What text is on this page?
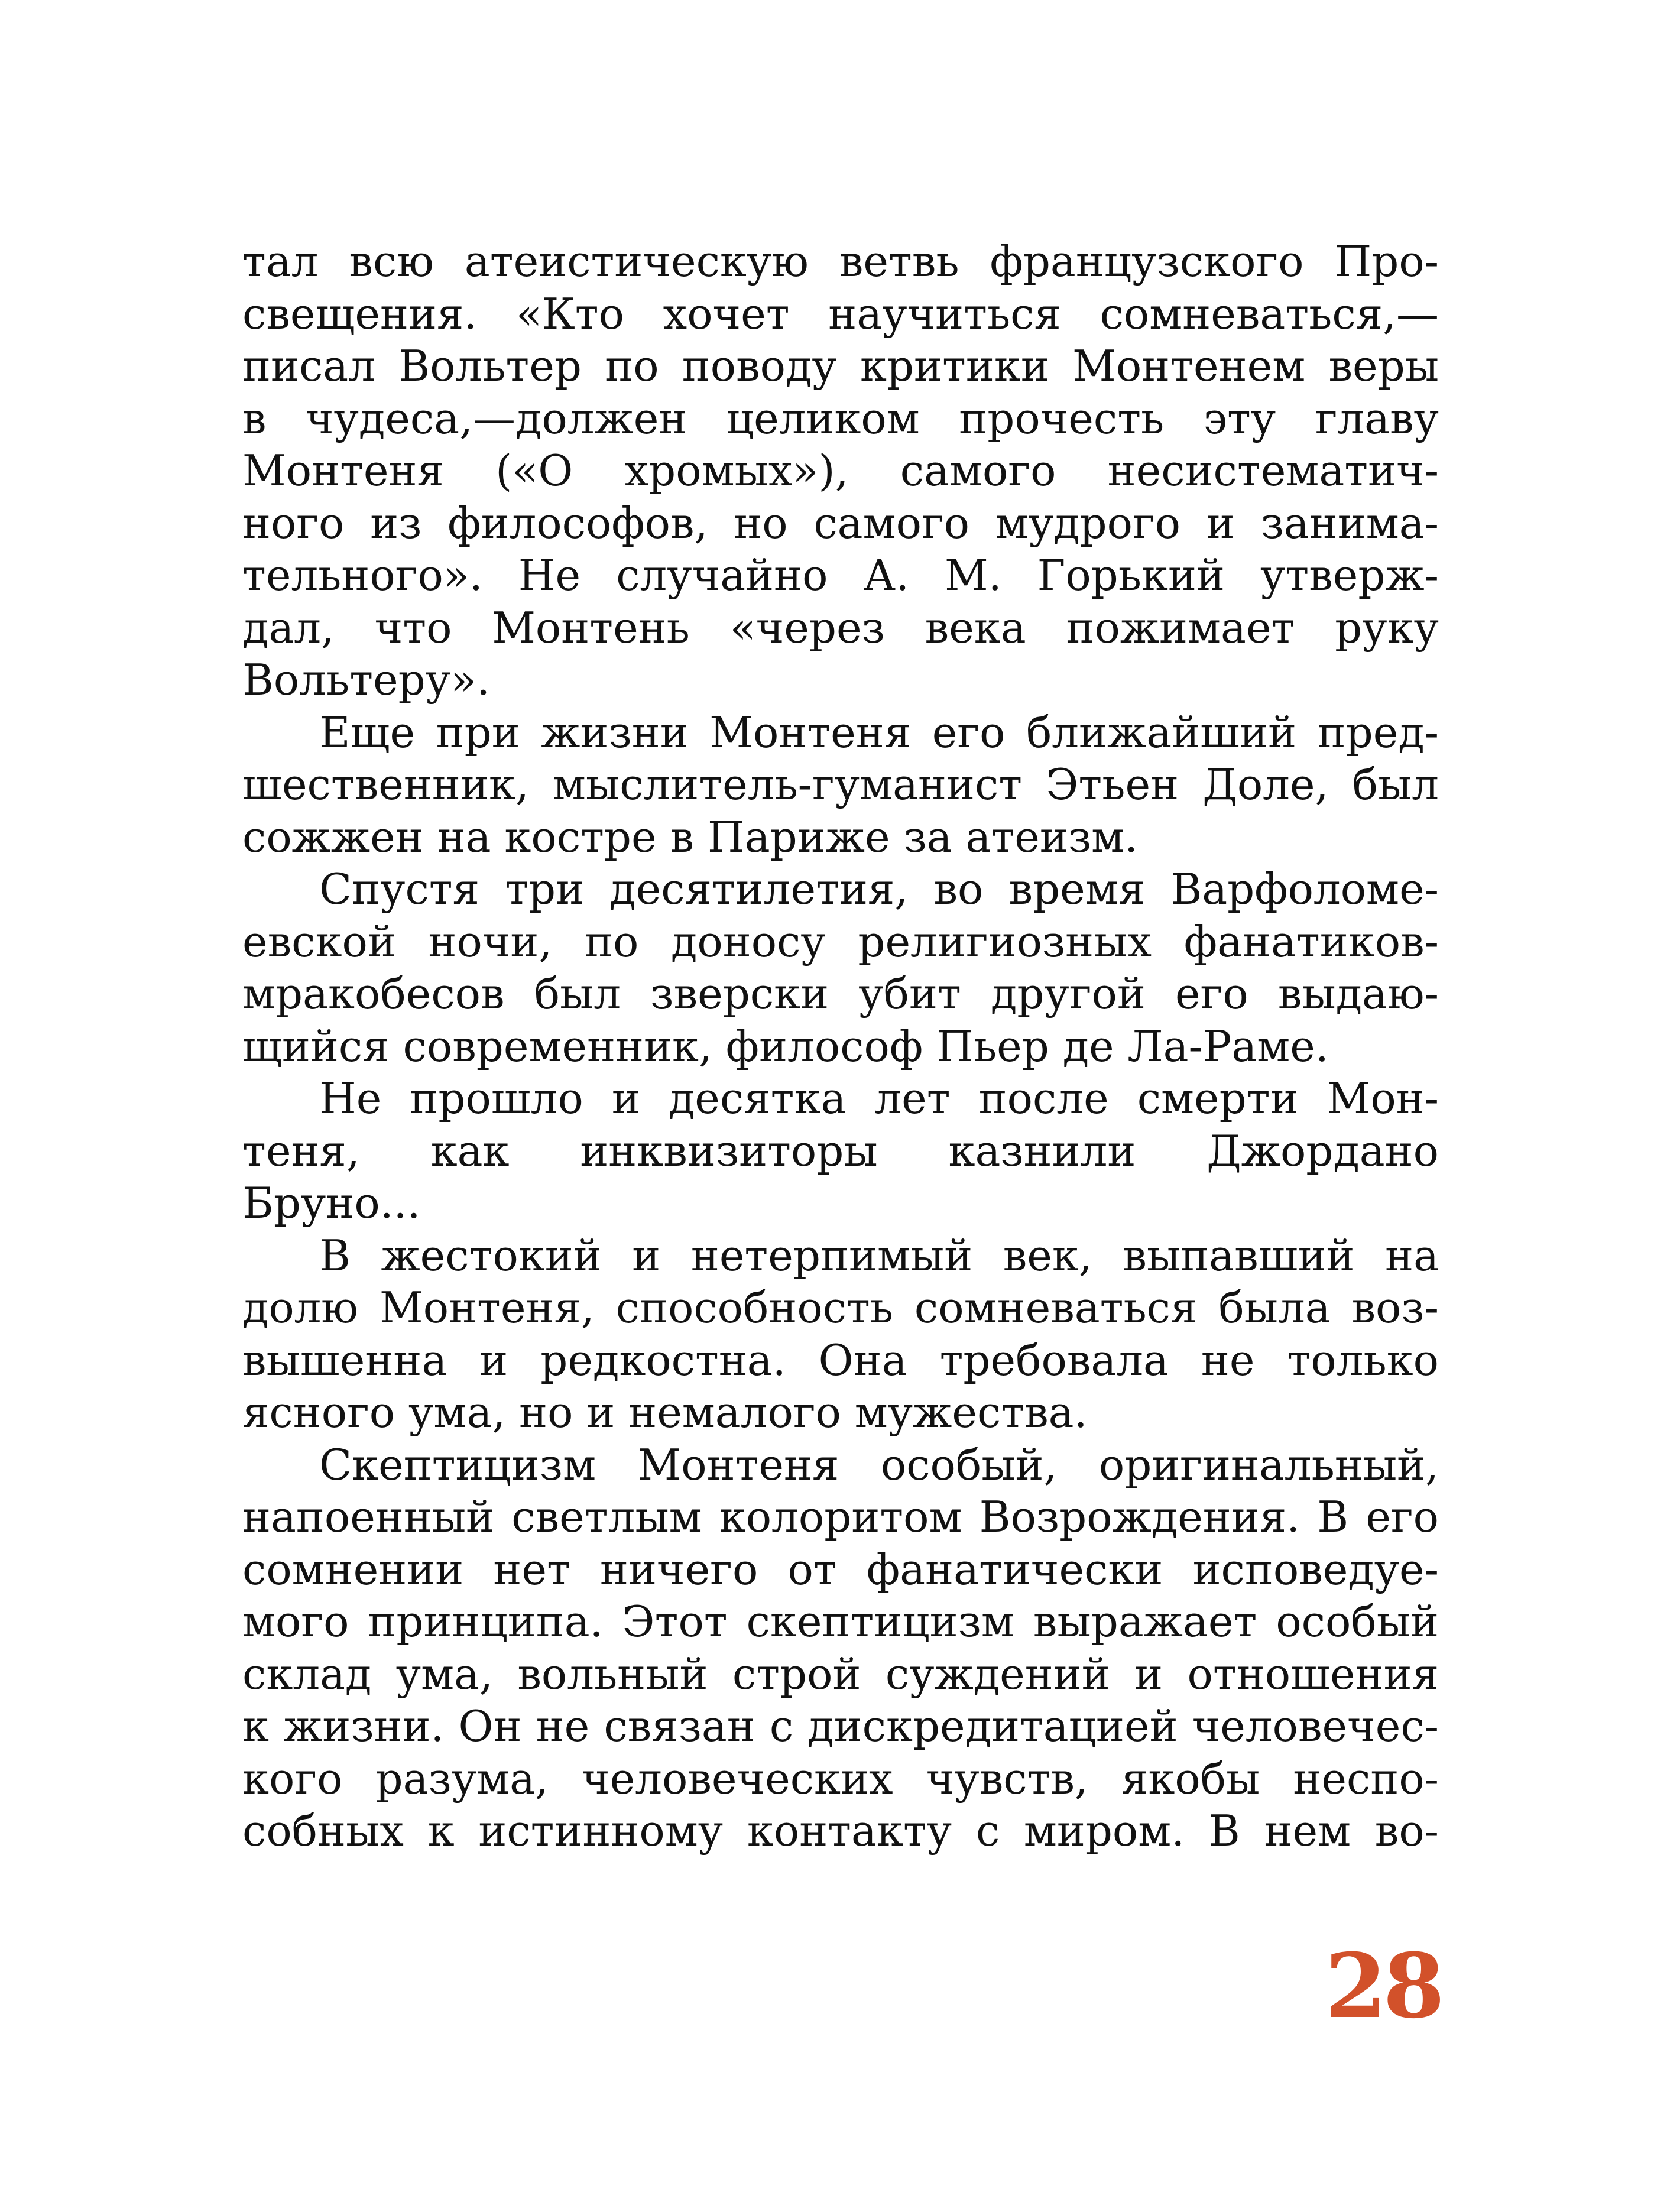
тал всю атеистическую ветвь французского Про-
свещения. «Кто хочет научиться сомневаться,—
писал Вольтер по поводу критики Монтенем веры
в чудеса,—должен целиком прочесть эту главу
Монтеня («О хромых»), самого несистематич-
ного из философов, но самого мудрого и занима-
тельного». Не случайно А. М. Горький утверж-
дал, что Монтень «через века пожимает руку
Вольтеру».
Еще при жизни Монтеня его ближайший пред-
шественник, мыслитель-гуманист Этьен Доле, был
сожжен на костре в Париже за атеизм.
Спустя три десятилетия, во время Варфоломе-
евской ночи, по доносу религиозных фанатиков-
мракобесов был зверски убит другой его выдаю-
щийся современник, философ Пьер де Ла-Раме.
Не прошло и десятка лет после смерти Мон-
теня, как инквизиторы казнили Джордано
Бруно...
В жестокий и нетерпимый век, выпавший на
долю Монтеня, способность сомневаться была воз-
вышенна и редкостна. Она требовала не только
ясного ума, но и немалого мужества.
Скептицизм Монтеня особый, оригинальный,
напоенный светлым колоритом Возрождения. В его
сомнении нет ничего от фанатически исповедуе-
мого принципа. Этот скептицизм выражает особый
склад ума, вольный строй суждений и отношения
к жизни. Он не связан с дискредитацией человечес-
кого разума, человеческих чувств, якобы неспо-
собных к истинному контакту с миром. В нем во-
28
